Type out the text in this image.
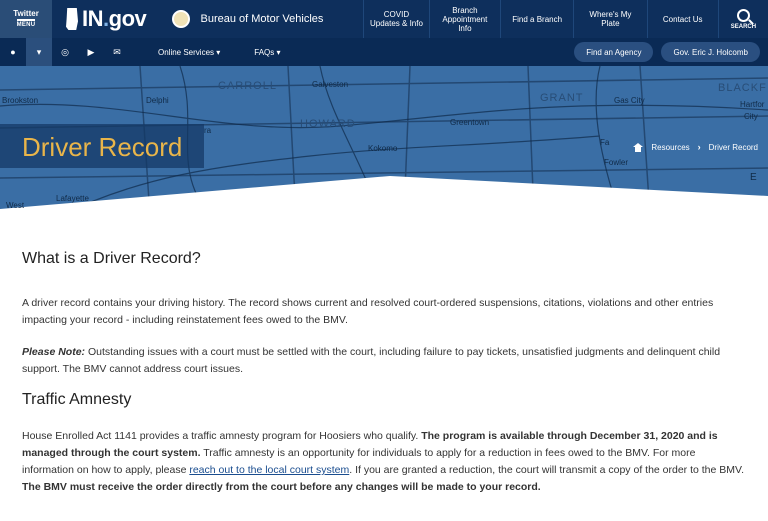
Twitter
MENU IN.gov	Bureau of Motor Vehicles	COVID
Updates & Info
Branch
Appointment
Info
Find a Branch	Where's My
Plate	Contact Us
SEARCH
● ▾ ◎ ▶ ✉	Online Services ▾	FAQs ▾	Find an Agency	Gov. Eric J. Holcomb
Brookston	Delphi
CARROLL	Galveston
GRANT	Gas City
BLACKF
Hartfor
City
HOWARD	Greentown
Kokomo
ra
Fa
Fowler
West
Lafayette
E
Driver Record	Resources › Driver Record
What is a Driver Record?

A driver record contains your driving history. The record shows current and resolved court-ordered suspensions, citations, violations and other entries impacting your record - including reinstatement fees owed to the BMV.

Please Note: Outstanding issues with a court must be settled with the court, including failure to pay tickets, unsatisfied judgments and delinquent child support. The BMV cannot address court issues.

Traffic Amnesty

House Enrolled Act 1141 provides a traffic amnesty program for Hoosiers who qualify. The program is available through December 31, 2020 and is managed through the court system. Traffic amnesty is an opportunity for individuals to apply for a reduction in fees owed to the BMV. For more information on how to apply, please reach out to the local court system. If you are granted a reduction, the court will transmit a copy of the order to the BMV. The BMV must receive the order directly from the court before any changes will be made to your record.
